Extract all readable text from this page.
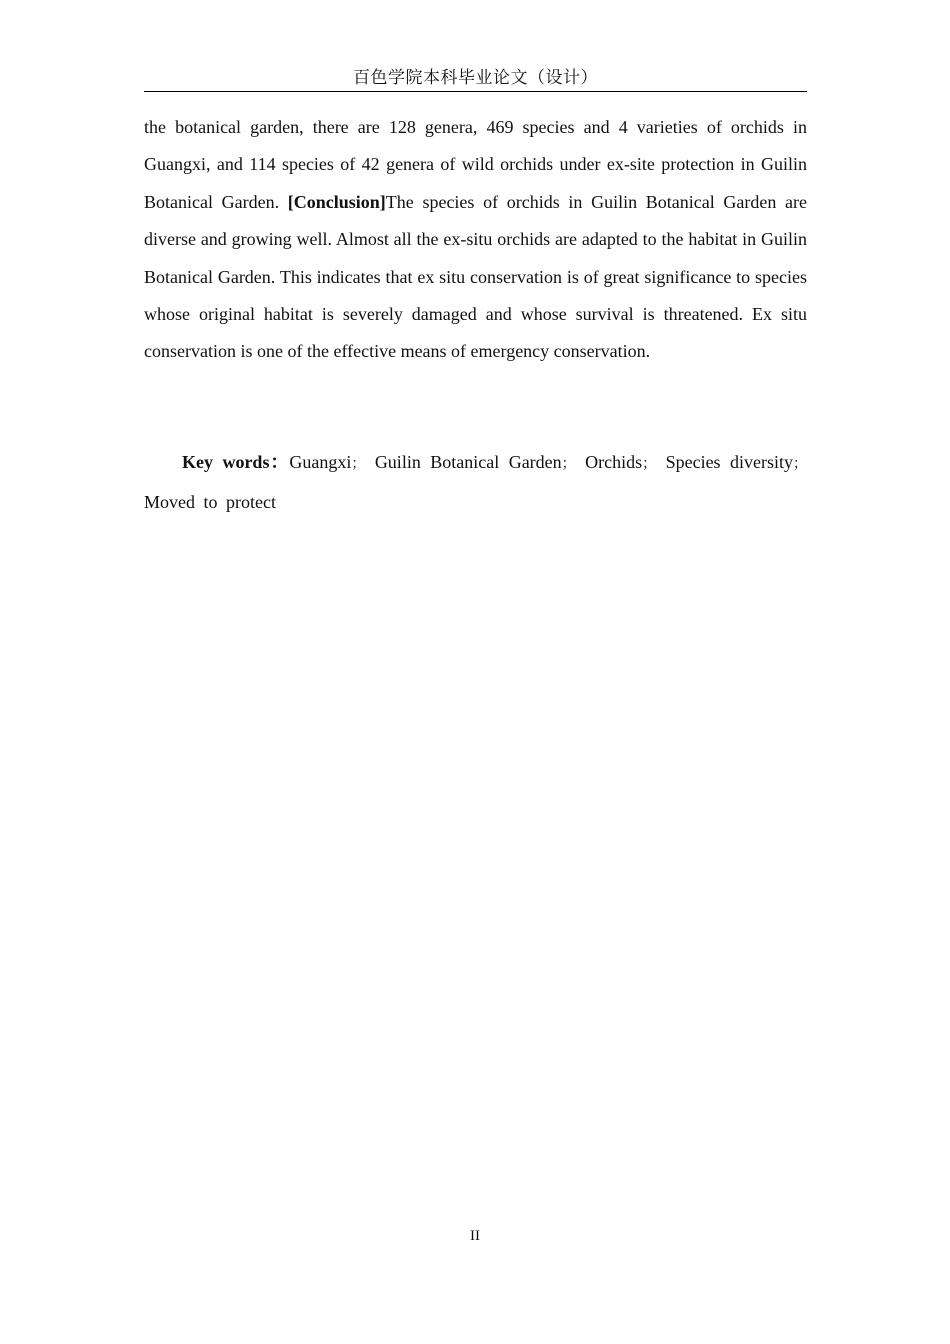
百色学院本科毕业论文（设计）

the botanical garden, there are 128 genera, 469 species and 4 varieties of orchids in Guangxi, and 114 species of 42 genera of wild orchids under ex-site protection in Guilin Botanical Garden. [Conclusion]The species of orchids in Guilin Botanical Garden are diverse and growing well. Almost all the ex-situ orchids are adapted to the habitat in Guilin Botanical Garden. This indicates that ex situ conservation is of great significance to species whose original habitat is severely damaged and whose survival is threatened. Ex situ conservation is one of the effective means of emergency conservation.

Key words：Guangxi； Guilin Botanical Garden； Orchids； Species diversity； Moved to protect

II
